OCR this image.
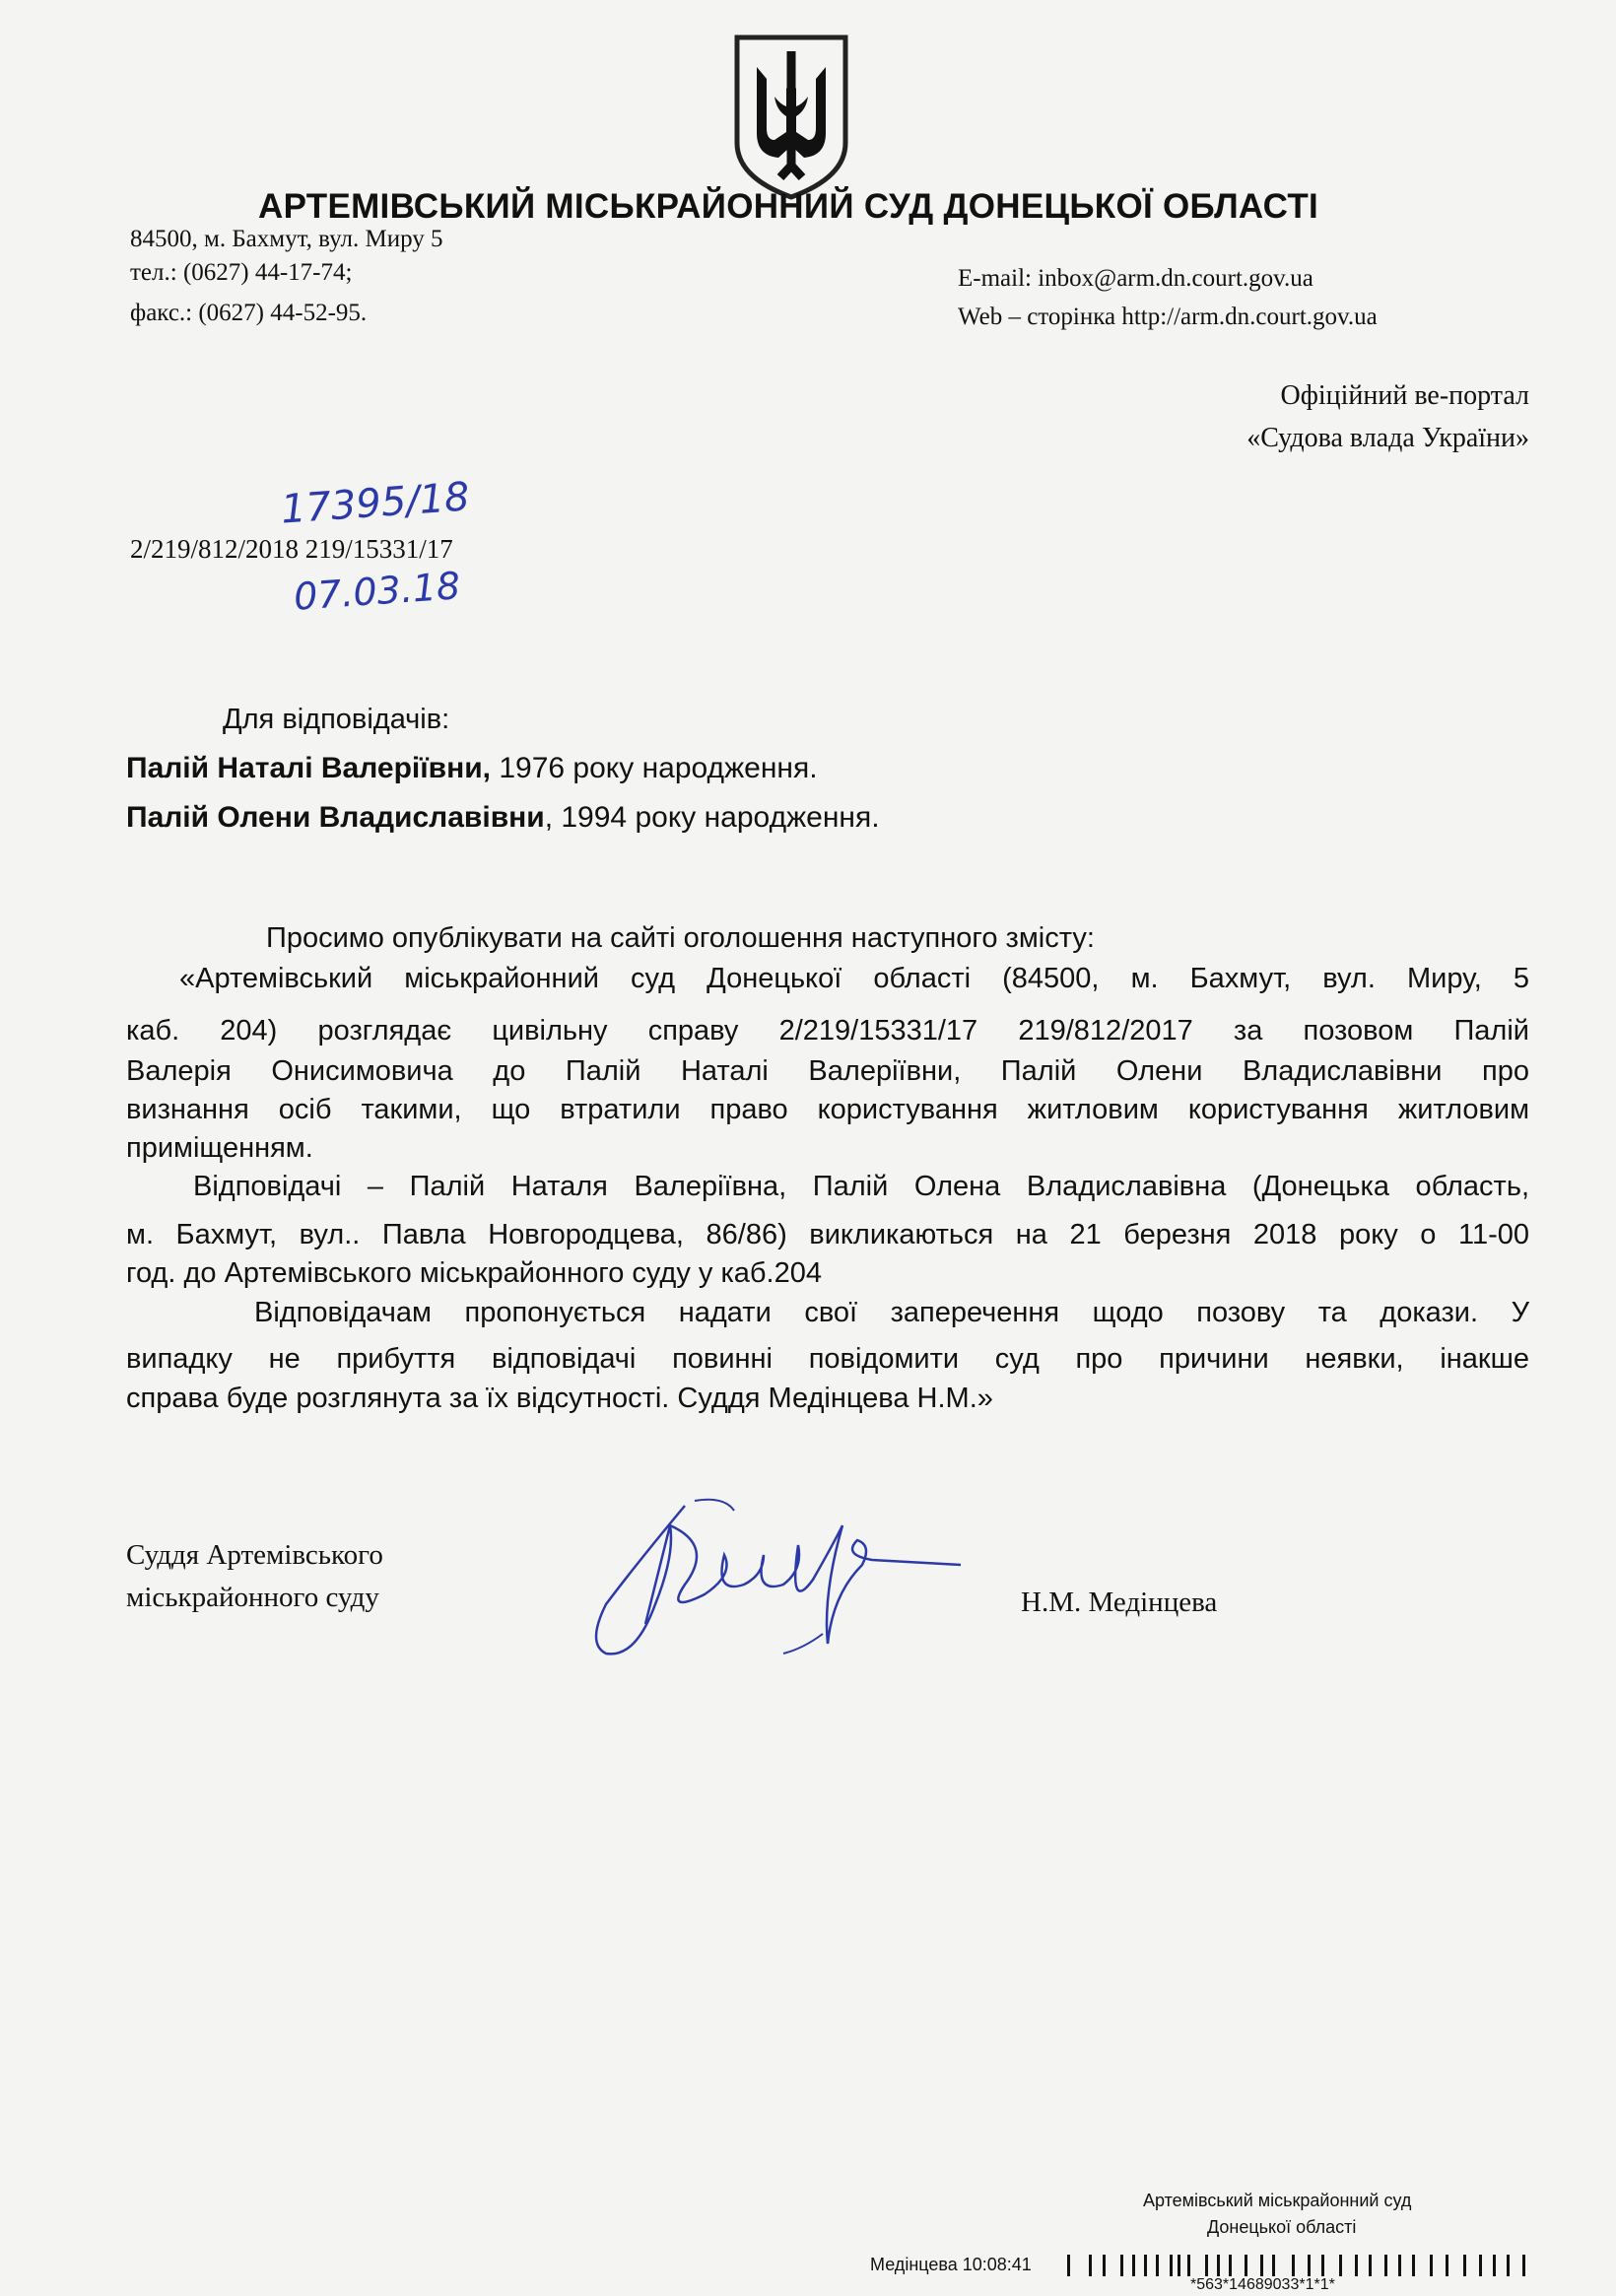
АРТЕМІВСЬКИЙ МІСЬКРАЙОННИЙ СУД ДОНЕЦЬКОЇ ОБЛАСТІ
84500, м. Бахмут, вул. Миру 5
тел.: (0627) 44-17-74;
факс.: (0627) 44-52-95.
E-mail: inbox@arm.dn.court.gov.ua
Web – сторінка http://arm.dn.court.gov.ua
Офіційний ве-портал
«Судова влада України»
17395/18
2/219/812/2018 219/15331/17
07.03.18
Для відповідачів:
Палій Наталі Валеріївни, 1976 року народження.
Палій Олени Владиславівни, 1994 року народження.
Просимо опублікувати на сайті оголошення наступного змісту:
«Артемівський міськрайонний суд Донецької області (84500, м. Бахмут, вул. Миру, 5
каб. 204) розглядає цивільну справу 2/219/15331/17 219/812/2017 за позовом Палій
Валерія Онисимовича до Палій Наталі Валеріївни, Палій Олени Владиславівни про
визнання осіб такими, що втратили право користування житловим користування житловим
приміщенням.
Відповідачі – Палій Наталя Валеріївна, Палій Олена Владиславівна (Донецька область,
м. Бахмут, вул.. Павла Новгородцева, 86/86) викликаються на 21 березня 2018 року о 11-00
год. до Артемівського міськрайонного суду у каб.204
Відповідачам пропонується надати свої заперечення щодо позову та докази. У
випадку не прибуття відповідачі повинні повідомити суд про причини неявки, інакше
справа буде розглянута за їх відсутності. Суддя Медінцева Н.М.»
Суддя Артемівського
міськрайонного суду	Н.М. Медінцева
Артемівський міськрайонний суд
Донецької області
Медінцева 10:08:41
*563*14689033*1*1*
